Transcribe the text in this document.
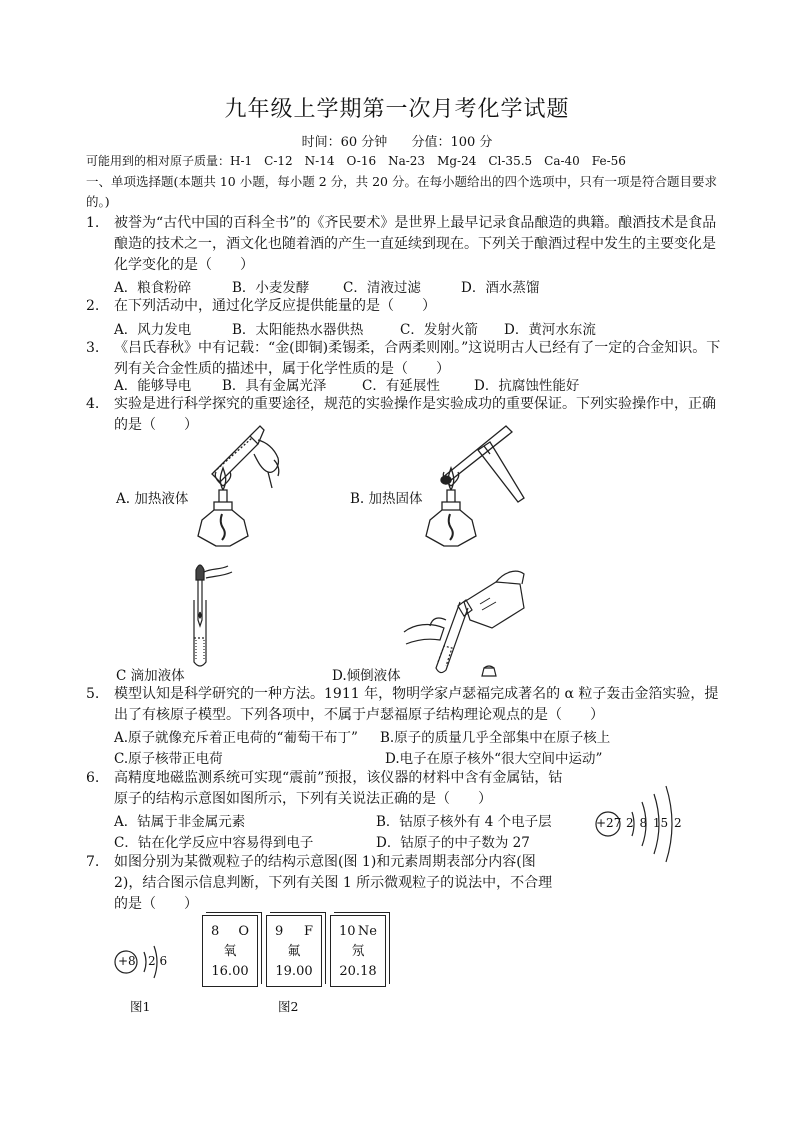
九年级上学期第一次月考化学试题
时间：60 分钟 分值：100 分
可能用到的相对原子质量：H-1　C-12　N-14　O-16　Na-23　Mg-24　Cl-35.5　Ca-40　Fe-56
一、单项选择题(本题共 10 小题，每小题 2 分，共 20 分。在每小题给出的四个选项中，只有一项是符合题目要求的。)
1.	被誉为“古代中国的百科全书”的《齐民要术》是世界上最早记录食品酿造的典籍。酿酒技术是食品酿造的技术之一，酒文化也随着酒的产生一直延续到现在。下列关于酿酒过程中发生的主要变化是化学变化的是（　　）
A．粮食粉碎	B．小麦发酵 C．清液过滤	D．酒水蒸馏
2.	在下列活动中，通过化学反应提供能量的是（　　）
A．风力发电	B．太阳能热水器供热	C．发射火箭 D．黄河水东流
3.	《吕氏春秋》中有记载：“金(即铜)柔锡柔，合两柔则刚。”这说明古人已经有了一定的合金知识。下列有关合金性质的描述中，属于化学性质的是（　　）
A．能够导电 B．具有金属光泽	C．有延展性	D．抗腐蚀性能好
4.	实验是进行科学探究的重要途径，规范的实验操作是实验成功的重要保证。下列实验操作中，正确的是（　　）
A. 加热液体	B. 加热固体
C 滴加液体	D.倾倒液体
5.	模型认知是科学研究的一种方法。1911 年，物明学家卢瑟福完成著名的 α 粒子轰击金箔实验，提出了有核原子模型。下列各项中，不属于卢瑟福原子结构理论观点的是（　　）
A.原子就像充斥着正电荷的“葡萄干布丁” B.原子的质量几乎全部集中在原子核上
C.原子核带正电荷	D.电子在原子核外“很大空间中运动”
6.	高精度地磁监测系统可实现“震前”预报，该仪器的材料中含有金属钴，钴原子的结构示意图如图所示，下列有关说法正确的是（　　）
A．钴属于非金属元素	B．钴原子核外有 4 个电子层
C．钴在化学反应中容易得到电子	D．钴原子的中子数为 27
+27 2 8 15 2
7.	如图分别为某微观粒子的结构示意图(图 1)和元素周期表部分内容(图 2)，结合图示信息判断，下列有关图 1 所示微观粒子的说法中，不合理的是（　　）
+8 2 6
图1
8 O
氧
16.00
9 F
氟
19.00
10 Ne
氖
20.18
图2
